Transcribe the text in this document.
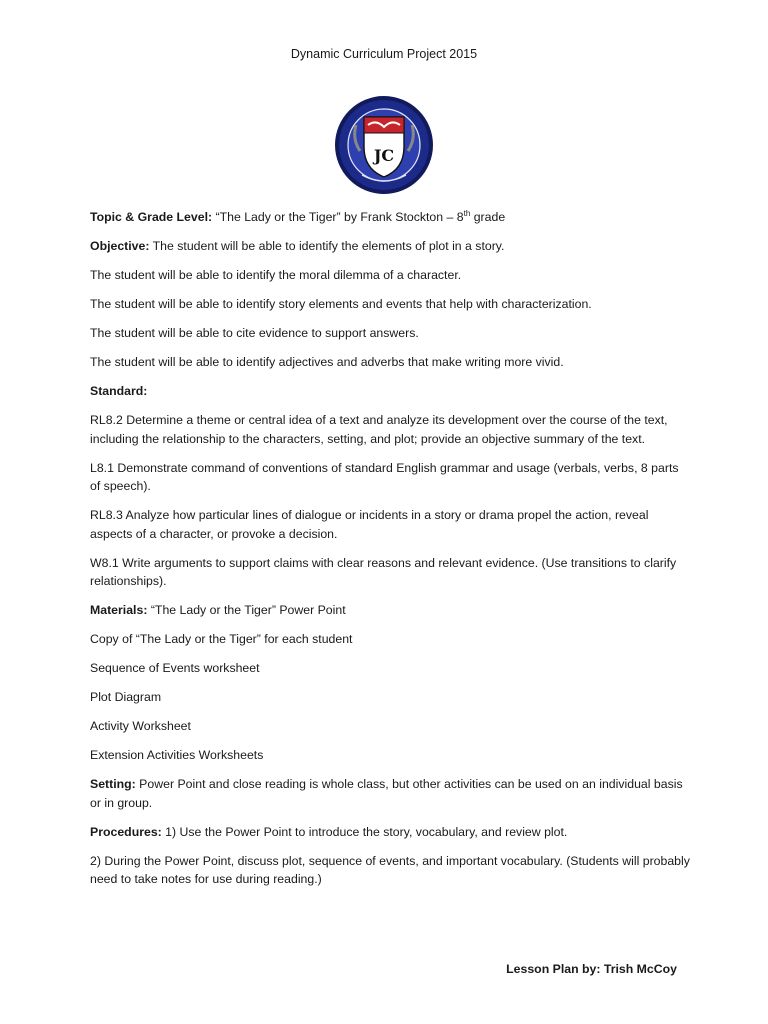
Dynamic Curriculum Project 2015
JC

Topic & Grade Level: “The Lady or the Tiger” by Frank Stockton – 8th grade

Objective: The student will be able to identify the elements of plot in a story.

The student will be able to identify the moral dilemma of a character.

The student will be able to identify story elements and events that help with characterization.

The student will be able to cite evidence to support answers.

The student will be able to identify adjectives and adverbs that make writing more vivid.

Standard:

RL8.2 Determine a theme or central idea of a text and analyze its development over the course of the text, including the relationship to the characters, setting, and plot; provide an objective summary of the text.

L8.1 Demonstrate command of conventions of standard English grammar and usage (verbals, verbs, 8 parts of speech).

RL8.3 Analyze how particular lines of dialogue or incidents in a story or drama propel the action, reveal aspects of a character, or provoke a decision.

W8.1 Write arguments to support claims with clear reasons and relevant evidence. (Use transitions to clarify relationships).

Materials: “The Lady or the Tiger” Power Point

Copy of “The Lady or the Tiger” for each student

Sequence of Events worksheet

Plot Diagram

Activity Worksheet

Extension Activities Worksheets

Setting: Power Point and close reading is whole class, but other activities can be used on an individual basis or in group.

Procedures: 1) Use the Power Point to introduce the story, vocabulary, and review plot.

2) During the Power Point, discuss plot, sequence of events, and important vocabulary. (Students will probably need to take notes for use during reading.)

Lesson Plan by: Trish McCoy
